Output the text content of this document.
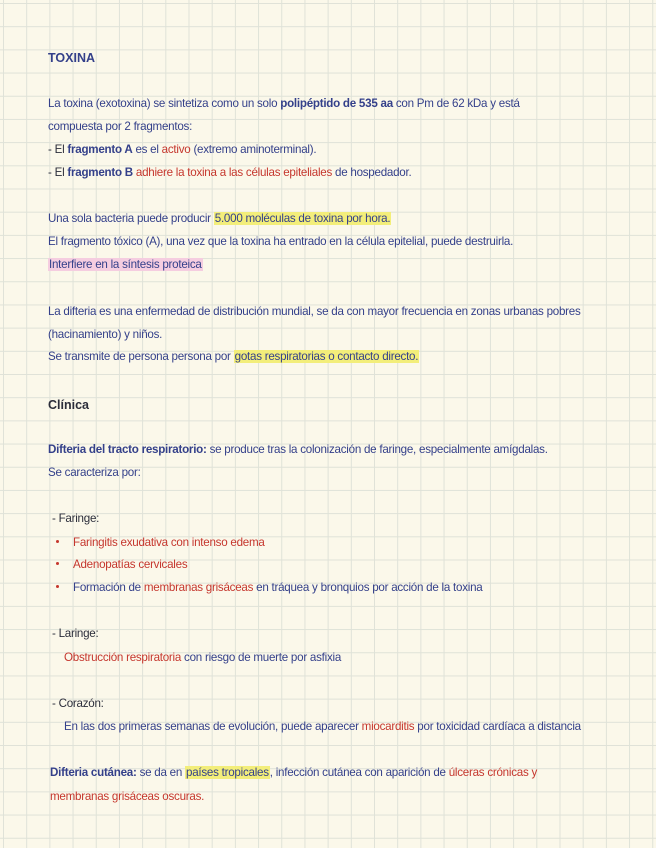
TOXINA
La toxina (exotoxina) se sintetiza como un solo polipéptido de 535 aa con Pm de 62 kDa y está
compuesta por 2 fragmentos:
- El fragmento A es el activo (extremo aminoterminal).
- El fragmento B adhiere la toxina a las células epiteliales de hospedador.
Una sola bacteria puede producir 5.000 moléculas de toxina por hora.
El fragmento tóxico (A), una vez que la toxina ha entrado en la célula epitelial, puede destruirla.
Interfiere en la síntesis proteica
La difteria es una enfermedad de distribución mundial, se da con mayor frecuencia en zonas urbanas pobres
(hacinamiento) y niños.
Se transmite de persona persona por gotas respiratorias o contacto directo.
Clínica
Difteria del tracto respiratorio: se produce tras la colonización de faringe, especialmente amígdalas.
Se caracteriza por:
- Faringe:
Faringitis exudativa con intenso edema
Adenopatías cervicales
Formación de membranas grisáceas en tráquea y bronquios por acción de la toxina
- Laringe:
Obstrucción respiratoria con riesgo de muerte por asfixia
- Corazón:
En las dos primeras semanas de evolución, puede aparecer miocarditis por toxicidad cardíaca a distancia
Difteria cutánea: se da en países tropicales, infección cutánea con aparición de úlceras crónicas y
membranas grisáceas oscuras.
